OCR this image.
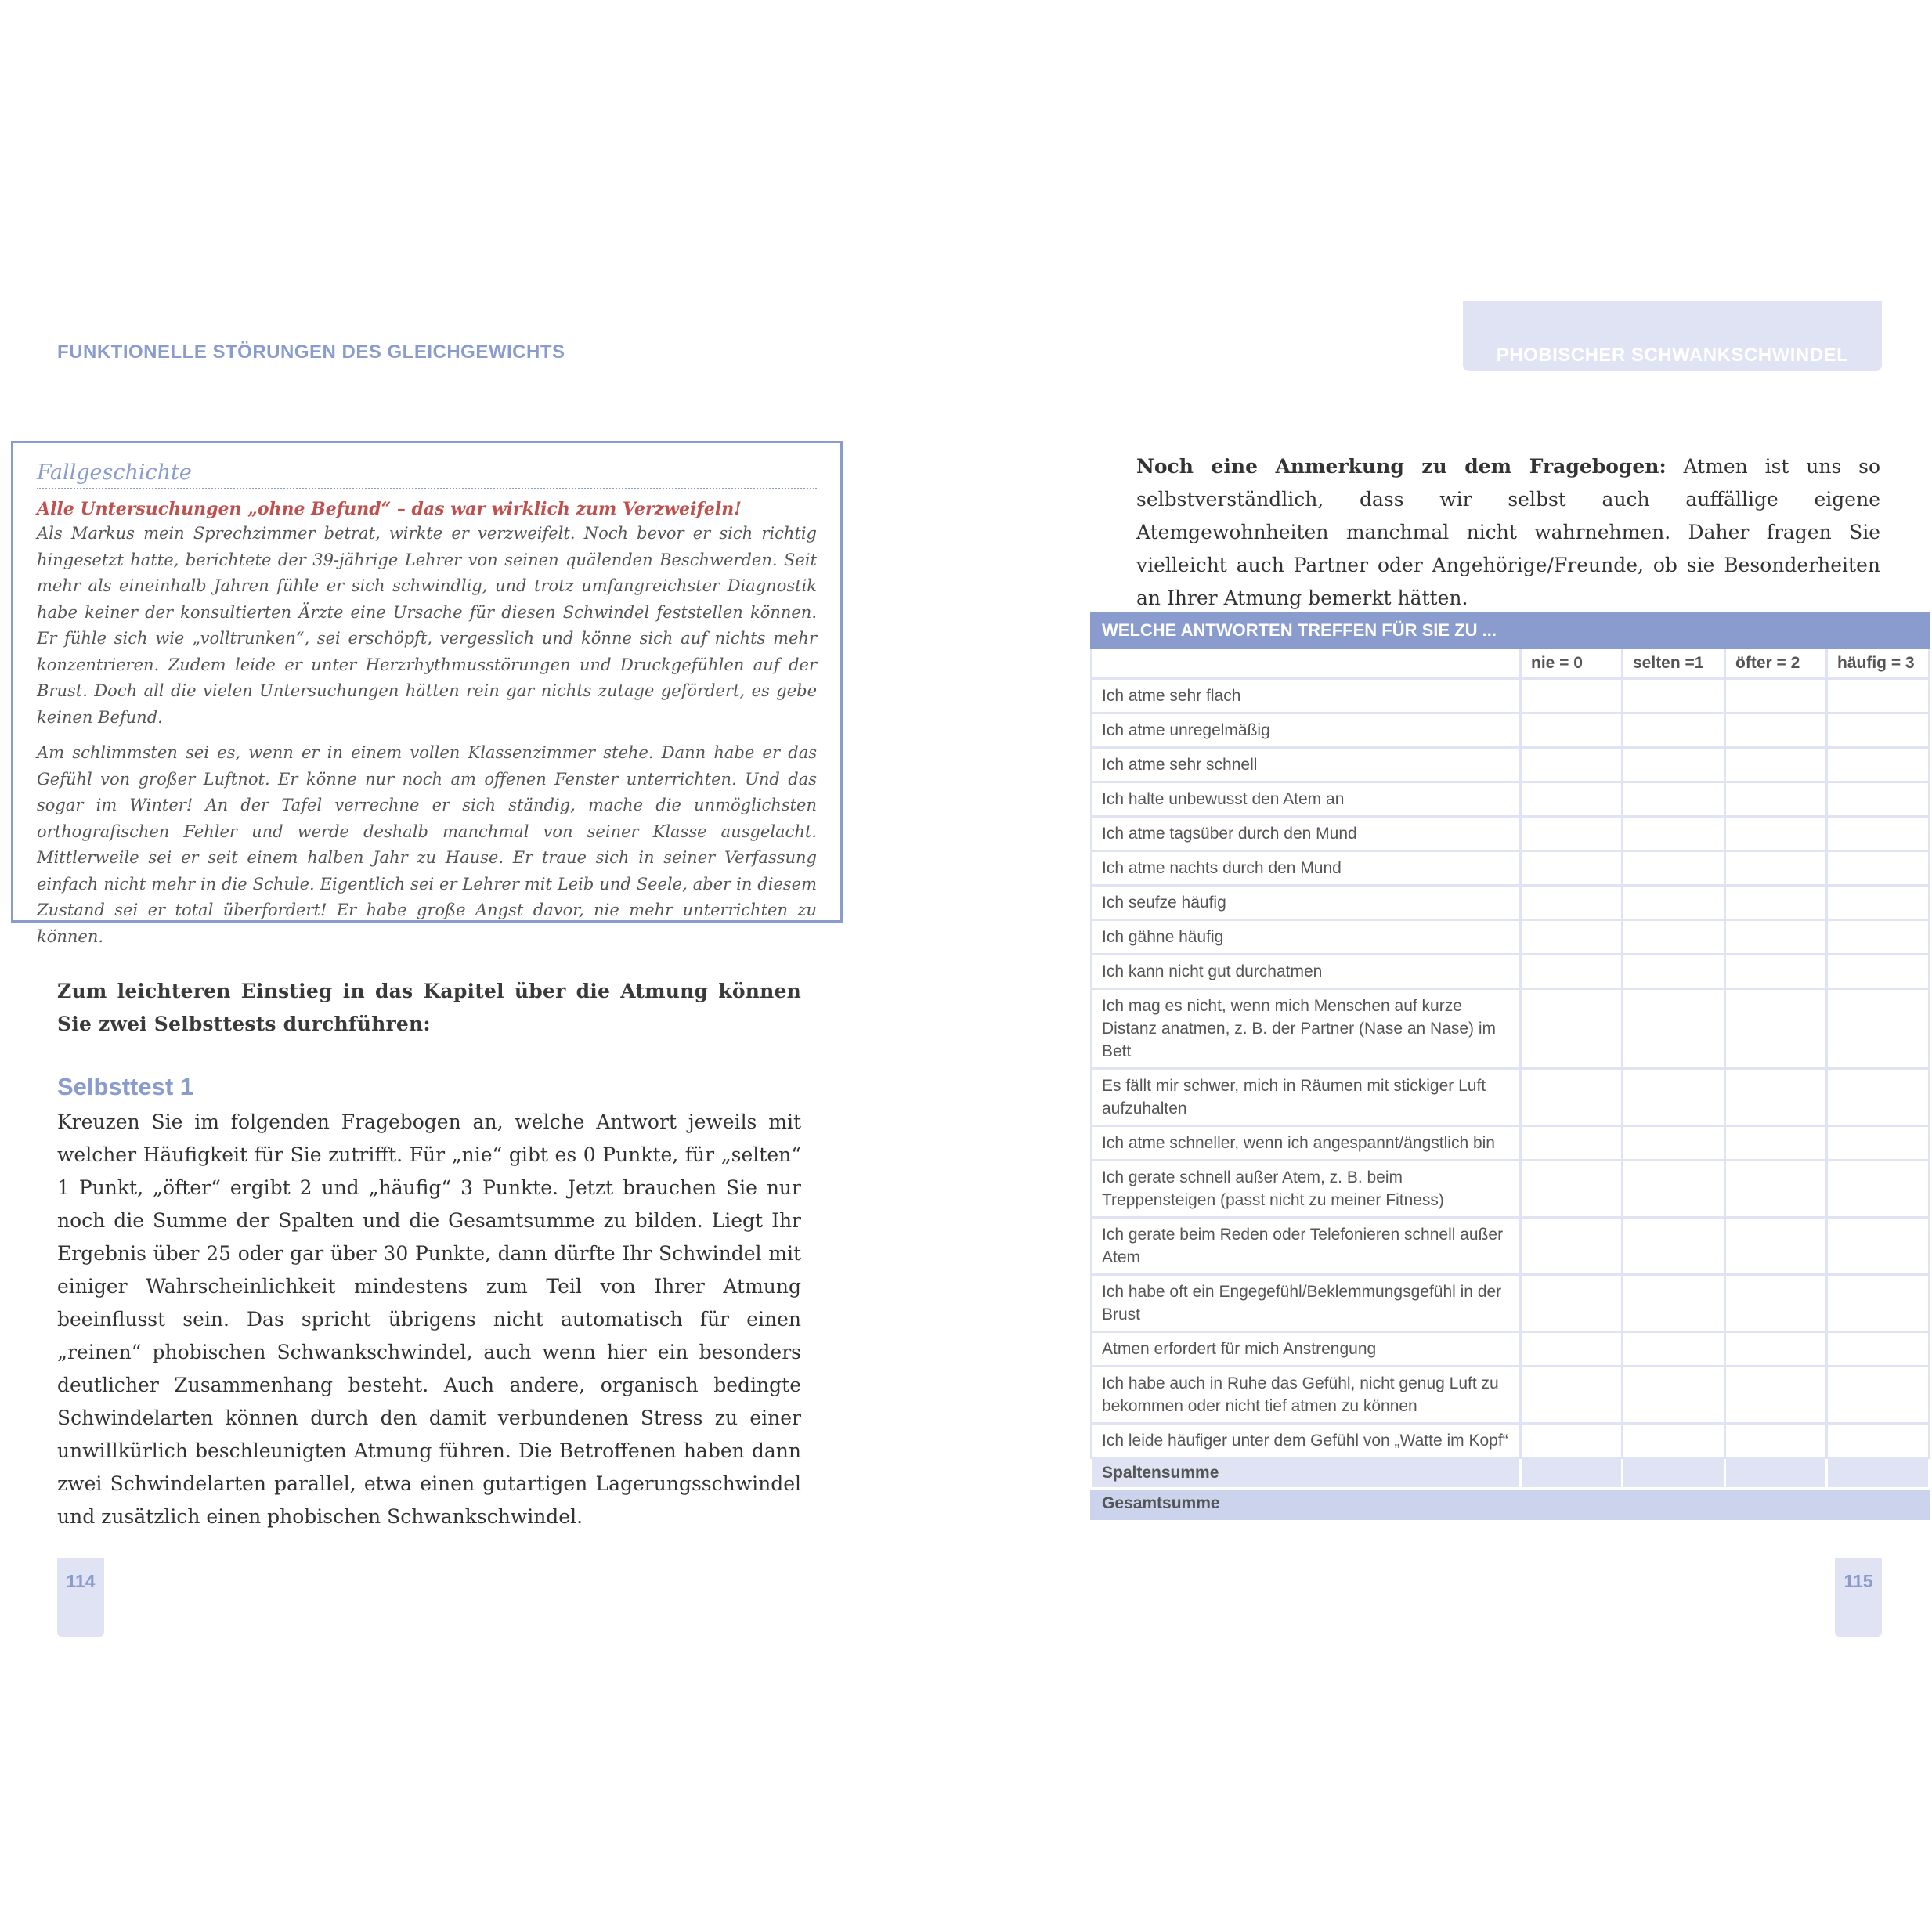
FUNKTIONELLE STÖRUNGEN DES GLEICHGEWICHTS
Fallgeschichte
Alle Untersuchungen „ohne Befund“ – das war wirklich zum Verzweifeln!
Als Markus mein Sprechzimmer betrat, wirkte er verzweifelt. Noch bevor er sich richtig hingesetzt hatte, berichtete der 39-jährige Lehrer von seinen quälenden Beschwerden. Seit mehr als eineinhalb Jahren fühle er sich schwindlig, und trotz umfangreichster Diagnostik habe keiner der konsultierten Ärzte eine Ursache für diesen Schwindel feststellen können. Er fühle sich wie „volltrunken“, sei erschöpft, vergesslich und könne sich auf nichts mehr konzentrieren. Zudem leide er unter Herzrhythmusstörungen und Druckgefühlen auf der Brust. Doch all die vielen Untersuchungen hätten rein gar nichts zutage gefördert, es gebe keinen Befund.
Am schlimmsten sei es, wenn er in einem vollen Klassenzimmer stehe. Dann habe er das Gefühl von großer Luftnot. Er könne nur noch am offenen Fenster unterrichten. Und das sogar im Winter! An der Tafel verrechne er sich ständig, mache die unmöglichsten orthografischen Fehler und werde deshalb manchmal von seiner Klasse ausgelacht. Mittlerweile sei er seit einem halben Jahr zu Hause. Er traue sich in seiner Verfassung einfach nicht mehr in die Schule. Eigentlich sei er Lehrer mit Leib und Seele, aber in diesem Zustand sei er total überfordert! Er habe große Angst davor, nie mehr unterrichten zu können.
Zum leichteren Einstieg in das Kapitel über die Atmung können Sie zwei Selbsttests durchführen:
Selbsttest 1
Kreuzen Sie im folgenden Fragebogen an, welche Antwort jeweils mit welcher Häufigkeit für Sie zutrifft. Für „nie“ gibt es 0 Punkte, für „selten“ 1 Punkt, „öfter“ ergibt 2 und „häufig“ 3 Punkte. Jetzt brauchen Sie nur noch die Summe der Spalten und die Gesamtsumme zu bilden. Liegt Ihr Ergebnis über 25 oder gar über 30 Punkte, dann dürfte Ihr Schwindel mit einiger Wahrscheinlichkeit mindestens zum Teil von Ihrer Atmung beeinflusst sein. Das spricht übrigens nicht automatisch für einen „reinen“ phobischen Schwankschwindel, auch wenn hier ein besonders deutlicher Zusammenhang besteht. Auch andere, organisch bedingte Schwindelarten können durch den damit verbundenen Stress zu einer unwillkürlich beschleunigten Atmung führen. Die Betroffenen haben dann zwei Schwindelarten parallel, etwa einen gutartigen Lagerungsschwindel und zusätzlich einen phobischen Schwankschwindel.
114
PHOBISCHER SCHWANKSCHWINDEL
Noch eine Anmerkung zu dem Fragebogen: Atmen ist uns so selbstverständlich, dass wir selbst auch auffällige eigene Atemgewohnheiten manchmal nicht wahrnehmen. Daher fragen Sie vielleicht auch Partner oder Angehörige/Freunde, ob sie Besonderheiten an Ihrer Atmung bemerkt hätten.
WELCHE ANTWORTEN TREFFEN FÜR SIE ZU ...				
	nie = 0	selten =1	öfter = 2	häufig = 3
Ich atme sehr flach				
Ich atme unregelmäßig				
Ich atme sehr schnell				
Ich halte unbewusst den Atem an				
Ich atme tagsüber durch den Mund				
Ich atme nachts durch den Mund				
Ich seufze häufig				
Ich gähne häufig				
Ich kann nicht gut durchatmen				
Ich mag es nicht, wenn mich Menschen auf kurze Distanz anatmen, z. B. der Partner (Nase an Nase) im Bett				
Es fällt mir schwer, mich in Räumen mit stickiger Luft aufzuhalten				
Ich atme schneller, wenn ich angespannt/ängstlich bin				
Ich gerate schnell außer Atem, z. B. beim Treppensteigen (passt nicht zu meiner Fitness)				
Ich gerate beim Reden oder Telefonieren schnell außer Atem				
Ich habe oft ein Engegefühl/Beklemmungsgefühl in der Brust				
Atmen erfordert für mich Anstrengung				
Ich habe auch in Ruhe das Gefühl, nicht genug Luft zu bekommen oder nicht tief atmen zu können				
Ich leide häufiger unter dem Gefühl von „Watte im Kopf“				
Spaltensumme				
Gesamtsumme				
115
